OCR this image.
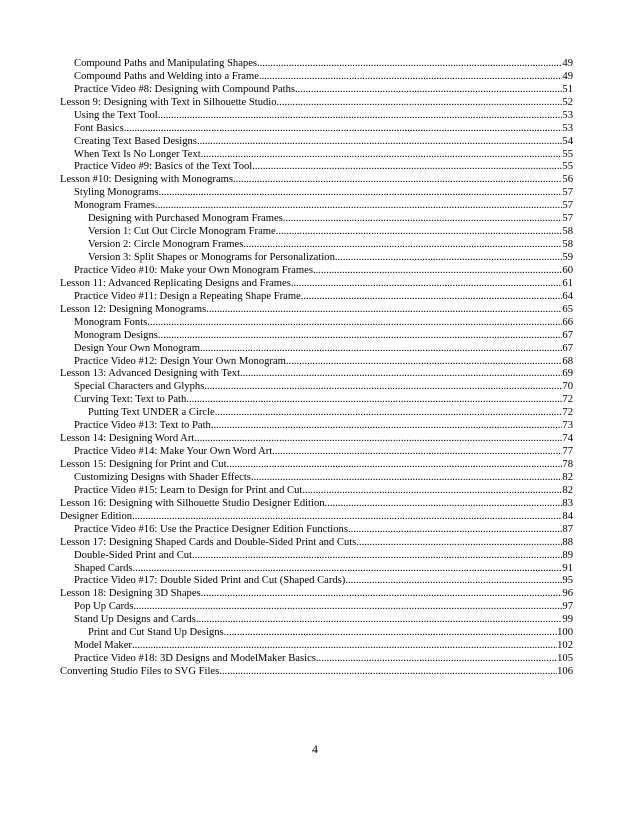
Compound Paths and Manipulating Shapes .....	49
Compound Paths and Welding into a Frame .....	49
Practice Video #8: Designing with Compound Paths .....	51
Lesson 9: Designing with Text in Silhouette Studio .....	52
Using the Text Tool .....	53
Font Basics .....	53
Creating Text Based Designs .....	54
When Text Is No Longer Text .....	55
Practice Video #9: Basics of the Text Tool .....	55
Lesson #10: Designing with Monograms .....	56
Styling Monograms .....	57
Monogram Frames .....	57
Designing with Purchased Monogram Frames .....	57
Version 1: Cut Out Circle Monogram Frame .....	58
Version 2: Circle Monogram Frames .....	58
Version 3: Split Shapes or Monograms for Personalization .....	59
Practice Video #10: Make your Own Monogram Frames .....	60
Lesson 11: Advanced Replicating Designs and Frames .....	61
Practice Video #11: Design a Repeating Shape Frame .....	64
Lesson 12: Designing Monograms .....	65
Monogram Fonts .....	66
Monogram Designs .....	67
Design Your Own Monogram .....	67
Practice Video #12: Design Your Own Monogram .....	68
Lesson 13: Advanced Designing with Text .....	69
Special Characters and Glyphs .....	70
Curving Text: Text to Path .....	72
Putting Text UNDER a Circle .....	72
Practice Video #13: Text to Path .....	73
Lesson 14: Designing Word Art .....	74
Practice Video #14: Make Your Own Word Art .....	77
Lesson 15: Designing for Print and Cut .....	78
Customizing Designs with Shader Effects .....	82
Practice Video #15: Learn to Design for Print and Cut .....	82
Lesson 16: Designing with Silhouette Studio Designer Edition .....	83
Designer Edition .....	84
Practice Video #16: Use the Practice Designer Edition Functions .....	87
Lesson 17: Designing Shaped Cards and Double-Sided Print and Cuts .....	88
Double-Sided Print and Cut .....	89
Shaped Cards .....	91
Practice Video #17: Double Sided Print and Cut (Shaped Cards) .....	95
Lesson 18: Designing 3D Shapes .....	96
Pop Up Cards .....	97
Stand Up Designs and Cards .....	99
Print and Cut Stand Up Designs .....	100
Model Maker .....	102
Practice Video #18: 3D Designs and ModelMaker Basics .....	105
Converting Studio Files to SVG Files .....	106
4
